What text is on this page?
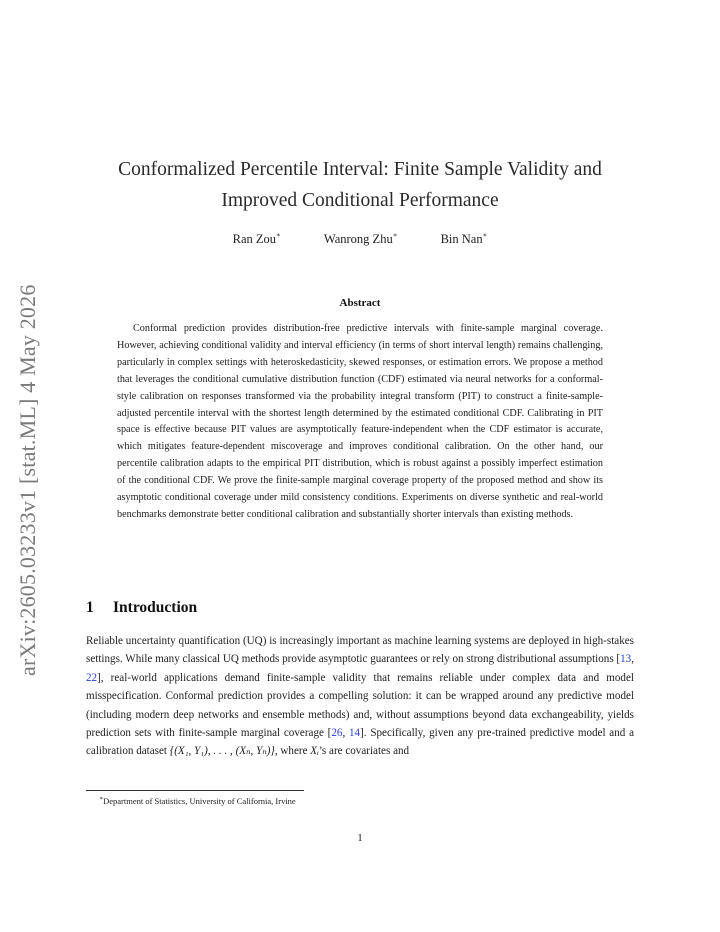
arXiv:2605.03233v1 [stat.ML] 4 May 2026
Conformalized Percentile Interval: Finite Sample Validity and
Improved Conditional Performance
Ran Zou∗	Wanrong Zhu∗	Bin Nan∗
Abstract

Conformal prediction provides distribution-free predictive intervals with finite-sample marginal coverage. However, achieving conditional validity and interval efficiency (in terms of short interval length) remains challenging, particularly in complex settings with heteroskedasticity, skewed responses, or estimation errors. We propose a method that leverages the conditional cumulative distribution function (CDF) estimated via neural networks for a conformal-style calibration on responses transformed via the probability integral transform (PIT) to construct a finite-sample-adjusted percentile interval with the shortest length determined by the estimated conditional CDF. Calibrating in PIT space is effective because PIT values are asymptotically feature-independent when the CDF estimator is accurate, which mitigates feature-dependent miscoverage and improves conditional calibration. On the other hand, our percentile calibration adapts to the empirical PIT distribution, which is robust against a possibly imperfect estimation of the conditional CDF. We prove the finite-sample marginal coverage property of the proposed method and show its asymptotic conditional coverage under mild consistency conditions. Experiments on diverse synthetic and real-world benchmarks demonstrate better conditional calibration and substantially shorter intervals than existing methods.

1 Introduction

Reliable uncertainty quantification (UQ) is increasingly important as machine learning systems are deployed in high-stakes settings. While many classical UQ methods provide asymptotic guarantees or rely on strong distributional assumptions [13, 22], real-world applications demand finite-sample validity that remains reliable under complex data and model misspecification. Conformal prediction provides a compelling solution: it can be wrapped around any predictive model (including modern deep networks and ensemble methods) and, without assumptions beyond data exchangeability, yields prediction sets with finite-sample marginal coverage [26, 14]. Specifically, given any pre-trained predictive model and a calibration dataset {(X₁, Y₁), . . . , (Xₙ, Yₙ)}, where Xᵢ’s are covariates and

∗Department of Statistics, University of California, Irvine
1
